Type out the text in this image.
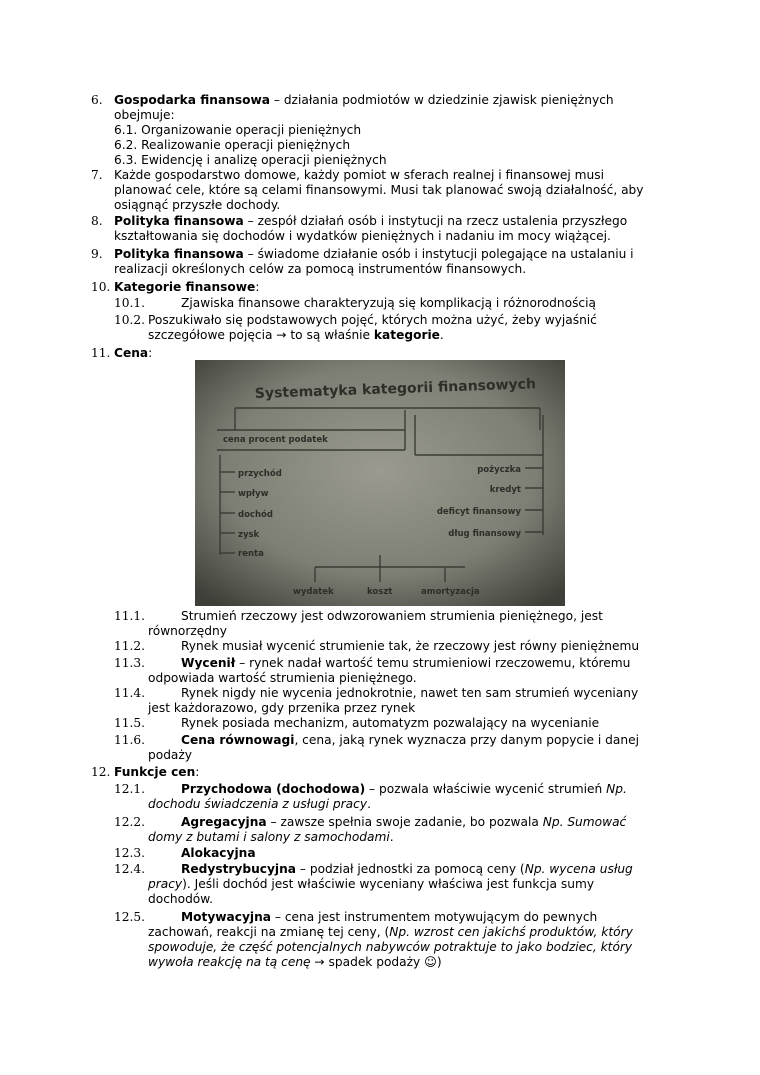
6. Gospodarka finansowa – działania podmiotów w dziedzinie zjawisk pieniężnych
obejmuje:
6.1. Organizowanie operacji pieniężnych
6.2. Realizowanie operacji pieniężnych
6.3. Ewidencję i analizę operacji pieniężnych
7. Każde gospodarstwo domowe, każdy pomiot w sferach realnej i finansowej musi
planować cele, które są celami finansowymi. Musi tak planować swoją działalność, aby
osiągnąć przyszłe dochody.
8. Polityka finansowa – zespół działań osób i instytucji na rzecz ustalenia przyszłego
kształtowania się dochodów i wydatków pieniężnych i nadaniu im mocy wiążącej.
9. Polityka finansowa – świadome działanie osób i instytucji polegające na ustalaniu i
realizacji określonych celów za pomocą instrumentów finansowych.
10. Kategorie finansowe:
10.1.	Zjawiska finansowe charakteryzują się komplikacją i różnorodnością
10.2. Poszukiwało się podstawowych pojęć, których można użyć, żeby wyjaśnić
szczegółowe pojęcia → to są właśnie kategorie.
11. Cena:
Systematyka kategorii finansowych
cena procent podatek
przychód
wpływ
dochód
zysk
renta
pożyczka
kredyt
deficyt finansowy
dług finansowy
wydatek	koszt	amortyzacja
11.1.	Strumień rzeczowy jest odwzorowaniem strumienia pieniężnego, jest
równorzędny
11.2.	Rynek musiał wycenić strumienie tak, że rzeczowy jest równy pieniężnemu
11.3.	Wycenił – rynek nadał wartość temu strumieniowi rzeczowemu, któremu
odpowiada wartość strumienia pieniężnego.
11.4.	Rynek nigdy nie wycenia jednokrotnie, nawet ten sam strumień wyceniany
jest każdorazowo, gdy przenika przez rynek
11.5.	Rynek posiada mechanizm, automatyzm pozwalający na wycenianie
11.6.	Cena równowagi, cena, jaką rynek wyznacza przy danym popycie i danej
podaży
12. Funkcje cen:
12.1.	Przychodowa (dochodowa) – pozwala właściwie wycenić strumień Np.
dochodu świadczenia z usługi pracy.
12.2.	Agregacyjna – zawsze spełnia swoje zadanie, bo pozwala Np. Sumować
domy z butami i salony z samochodami.
12.3.	Alokacyjna
12.4.	Redystrybucyjna – podział jednostki za pomocą ceny (Np. wycena usług
pracy). Jeśli dochód jest właściwie wyceniany właściwa jest funkcja sumy
dochodów.
12.5.	Motywacyjna – cena jest instrumentem motywującym do pewnych
zachowań, reakcji na zmianę tej ceny, (Np. wzrost cen jakichś produktów, który
spowoduje, że część potencjalnych nabywców potraktuje to jako bodziec, który
wywoła reakcję na tą cenę → spadek podaży ☺)
